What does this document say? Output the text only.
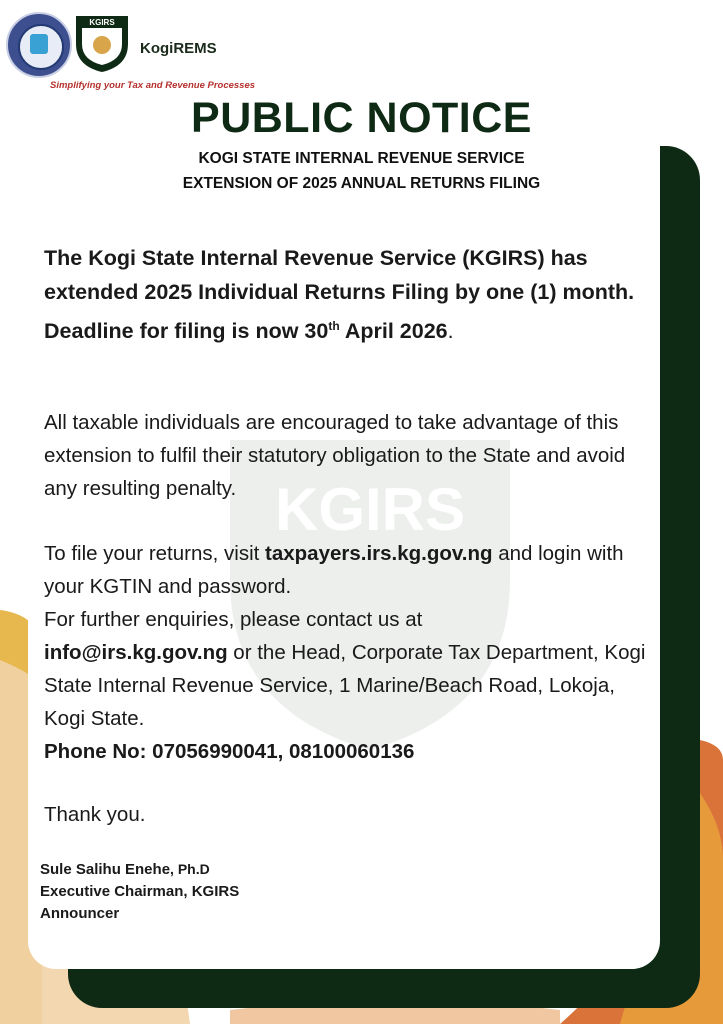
KGIRS
KGIRS
KogiREMS
Simplifying your Tax and Revenue Processes
PUBLIC NOTICE
KOGI STATE INTERNAL REVENUE SERVICE
EXTENSION OF 2025 ANNUAL RETURNS FILING
The Kogi State Internal Revenue Service (KGIRS) has extended 2025 Individual Returns Filing by one (1) month. Deadline for filing is now 30th April 2026.
All taxable individuals are encouraged to take advantage of this extension to fulfil their statutory obligation to the State and avoid any resulting penalty.
To file your returns, visit taxpayers.irs.kg.gov.ng and login with your KGTIN and password.
For further enquiries, please contact us at
info@irs.kg.gov.ng or the Head, Corporate Tax Department, Kogi State Internal Revenue Service, 1 Marine/Beach Road, Lokoja, Kogi State.
Phone No: 07056990041, 08100060136
Thank you.
Sule Salihu Enehe, Ph.D
Executive Chairman, KGIRS
Announcer
